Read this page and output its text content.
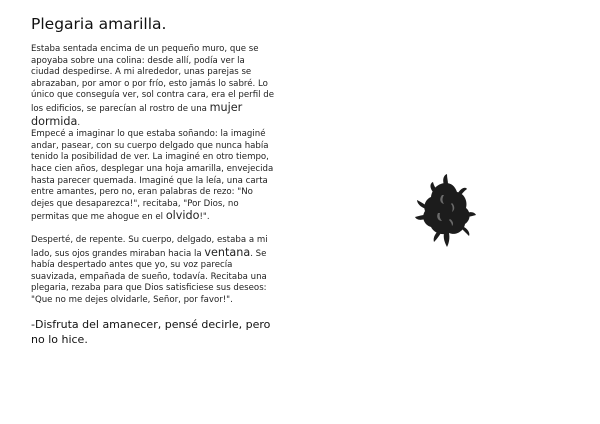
Plegaria amarilla.

Estaba sentada encima de un pequeño muro, que se apoyaba sobre una colina: desde allí, podía ver la ciudad despedirse. A mi alrededor, unas parejas se abrazaban, por amor o por frío, esto jamás lo sabré. Lo único que conseguía ver, sol contra cara, era el perfil de los edificios, se parecían al rostro de una mujer dormida.

Empecé a imaginar lo que estaba soñando: la imaginé andar, pasear, con su cuerpo delgado que nunca había tenido la posibilidad de ver. La imaginé en otro tiempo, hace cien años, desplegar una hoja amarilla, envejecida hasta parecer quemada. Imaginé que la leía, una carta entre amantes, pero no, eran palabras de rezo: "No dejes que desaparezca!", recitaba, "Por Dios, no permitas que me ahogue en el olvido!".

Desperté, de repente. Su cuerpo, delgado, estaba a mi lado, sus ojos grandes miraban hacia la ventana. Se había despertado antes que yo, su voz parecía suavizada, empañada de sueño, todavía. Recitaba una plegaria, rezaba para que Dios satisficiese sus deseos:
"Que no me dejes olvidarle, Señor, por favor!".

-Disfruta del amanecer, pensé decirle, pero no lo hice.
